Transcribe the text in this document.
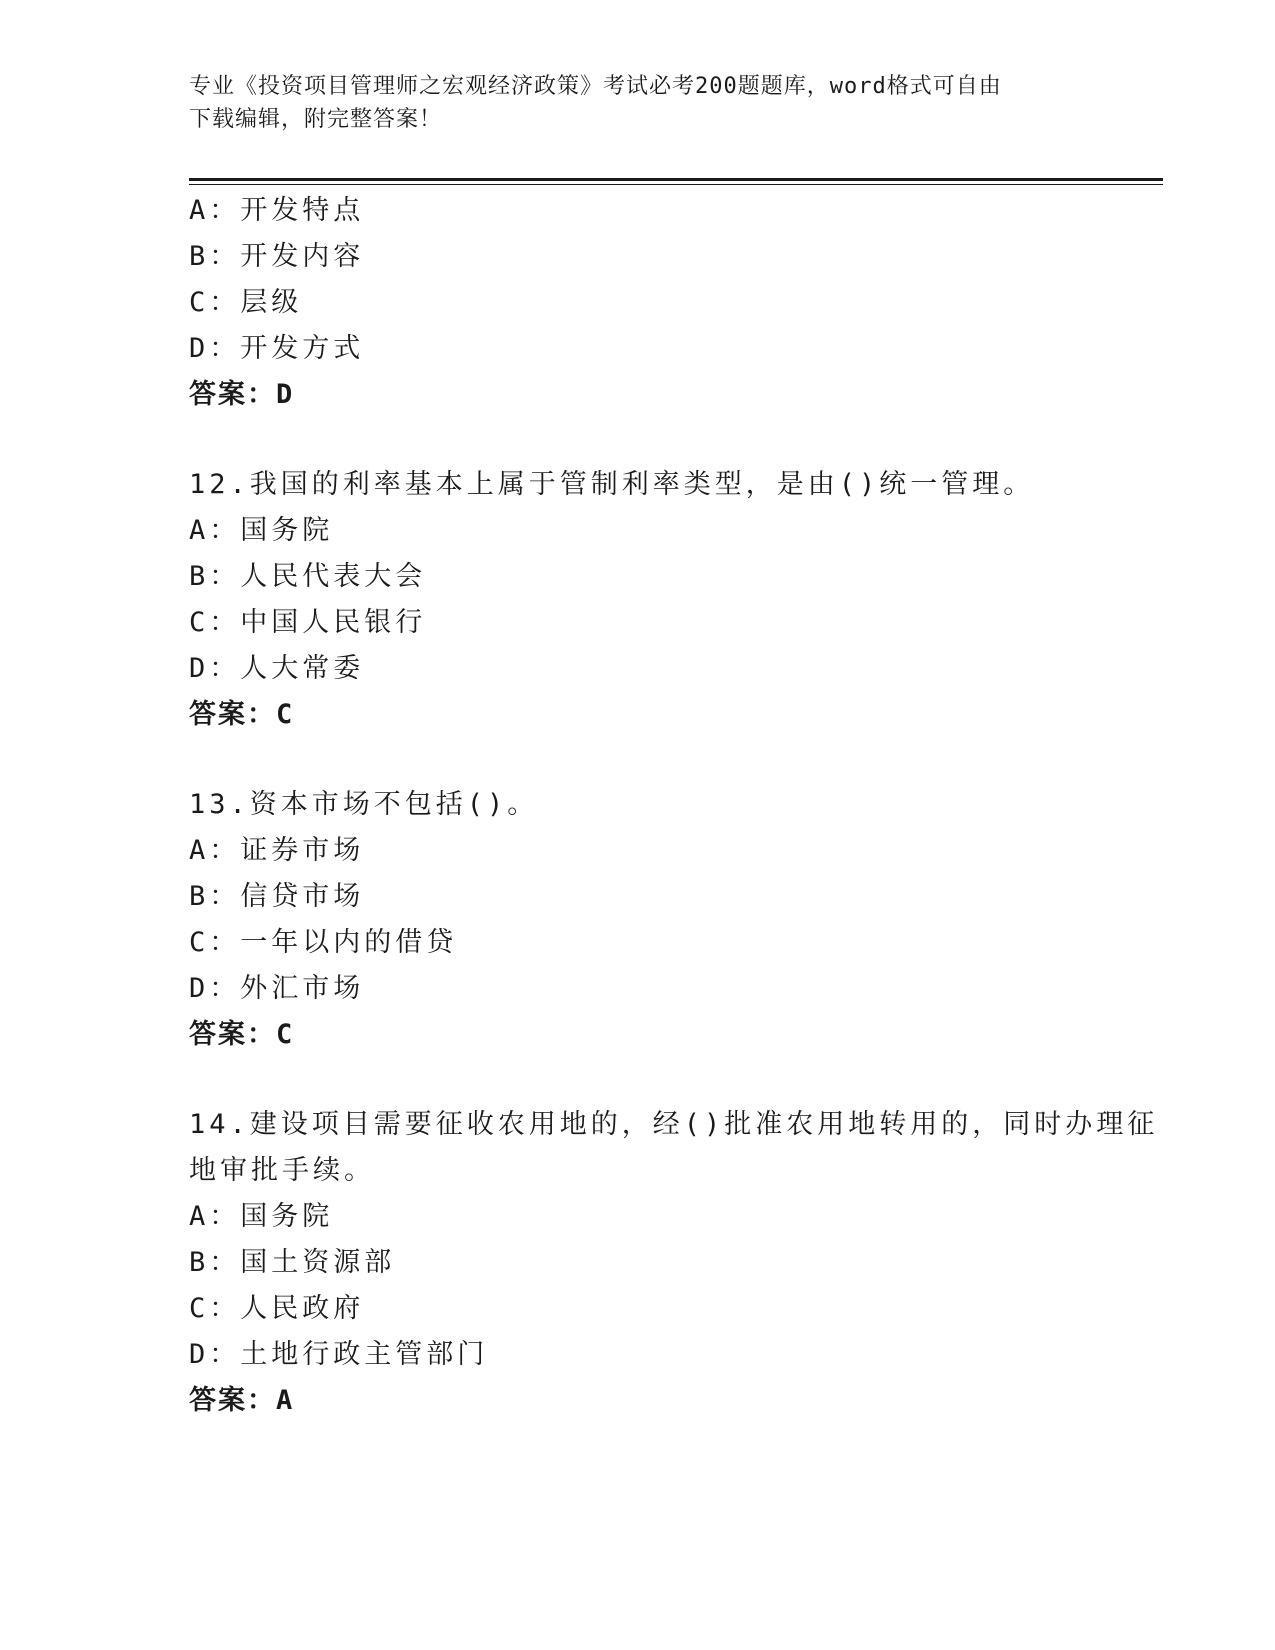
专业《投资项目管理师之宏观经济政策》考试必考200题题库，word格式可自由
下载编辑，附完整答案！
A：开发特点
B：开发内容
C：层级
D：开发方式
答案：D
12.我国的利率基本上属于管制利率类型，是由()统一管理。
A：国务院
B：人民代表大会
C：中国人民银行
D：人大常委
答案：C
13.资本市场不包括()。
A：证券市场
B：信贷市场
C：一年以内的借贷
D：外汇市场
答案：C
14.建设项目需要征收农用地的，经()批准农用地转用的，同时办理征
地审批手续。
A：国务院
B：国土资源部
C：人民政府
D：土地行政主管部门
答案：A
